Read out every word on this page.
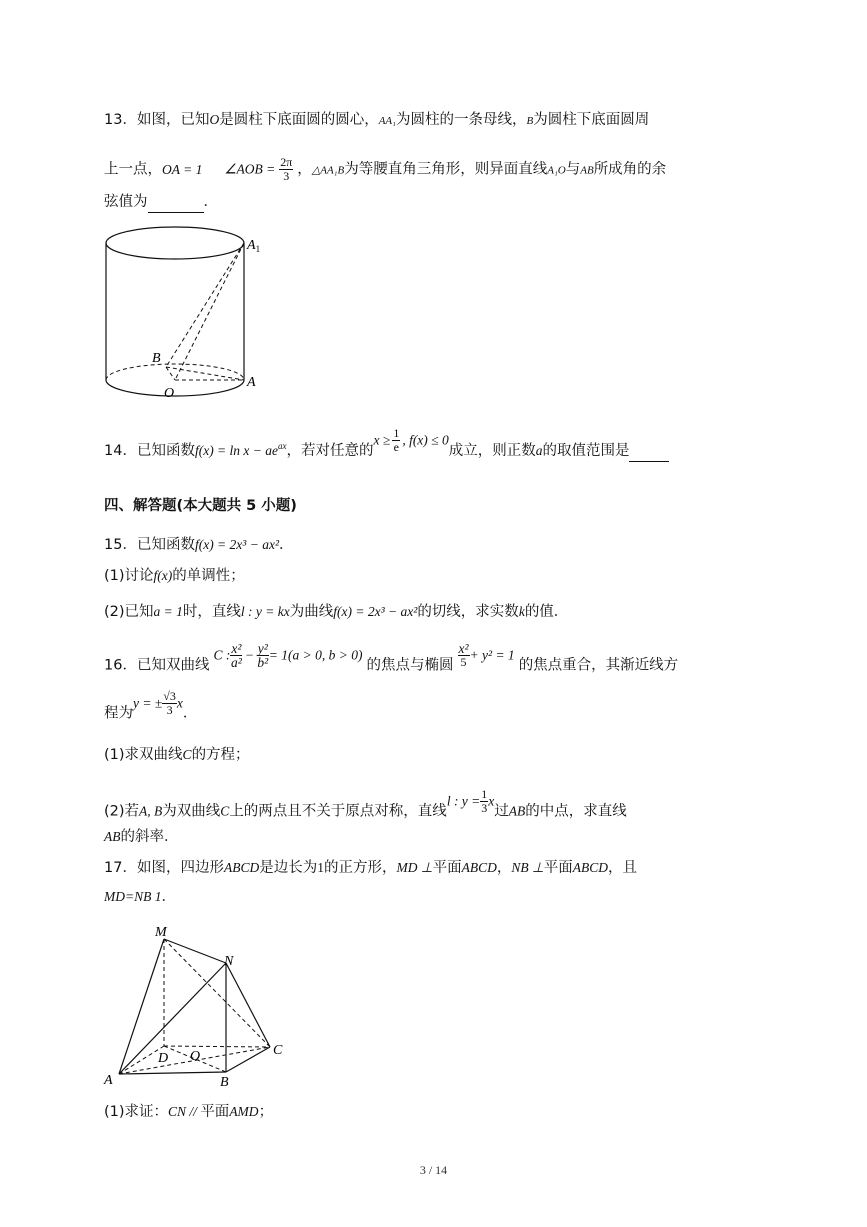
13．如图，已知O是圆柱下底面圆的圆心，AA₁为圆柱的一条母线，B为圆柱下底面圆周
上一点，OA = 1 ∠AOB = $\frac{2\pi}{3}$ ，△AA₁B为等腰直角三角形，则异面直线A₁O与AB所成角的余
弦值为	．
$A_1$
A
B
O
14．已知函数$f(x) = \ln x - ae^{ax}$，若对任意的$x \ge \frac{1}{e}$ , f(x) ≤ 0成立，则正数a的取值范围是
四、解答题(本大题共 5 小题)
15．已知函数f(x) = 2x³ − ax²．
(1)讨论f(x)的单调性；
(2)已知a = 1时，直线l : y = kx为曲线f(x) = 2x³ − ax²的切线，求实数k的值．
16．已知双曲线C : $\frac{\text{x²}}{\text{a²}} - \frac{\text{y²}}{\text{b²}} = 1(a > 0$, b > 0)的焦点与椭圆 $\frac{\text{x²}}{5} + y^2 = 1$的焦点重合，其渐近线方
程为y = ± $\frac{√3}{3}$ x．
(1)求双曲线C的方程；
(2)若A, B为双曲线C上的两点且不关于原点对称，直线l : $y = \frac{1}{3}$ x过AB的中点，求直线
AB的斜率．
17．如图，四边形ABCD是边长为1的正方形，MD ⊥平面ABCD，NB ⊥平面ABCD，且
MD=NB 1．
M
N
A	B
C
D O
(1)求证：CN // 平面AMD；
3 / 14
